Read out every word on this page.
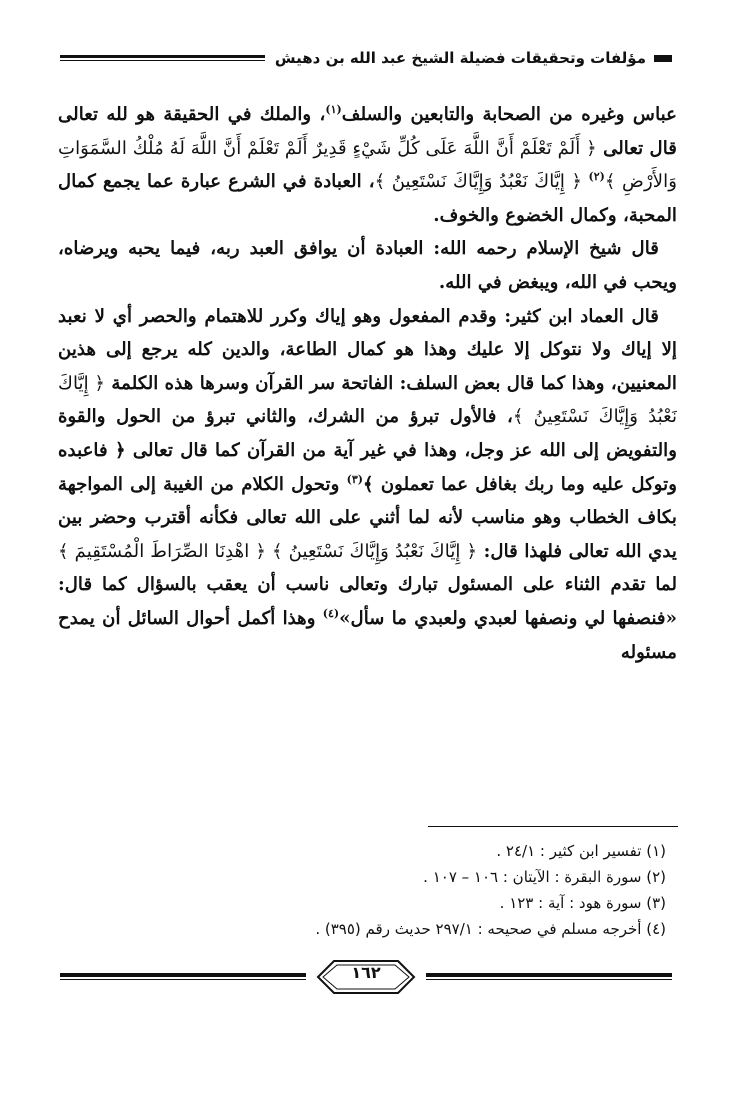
مؤلفات وتحقيقات فضيلة الشيخ عبد الله بن دهيش

عباس وغيره من الصحابة والتابعين والسلف$^{(١)}$، والملك في الحقيقة هو لله تعالى قال تعالى ﴿ أَلَمْ تَعْلَمْ أَنَّ اللَّهَ عَلَى كُلِّ شَيْءٍ قَدِيرٌ أَلَمْ تَعْلَمْ أَنَّ اللَّهَ لَهُ مُلْكُ السَّمَوَاتِ وَالأَرْضِ ﴾$^{(٢)}$ ﴿ إِيَّاكَ نَعْبُدُ وَإِيَّاكَ نَسْتَعِينُ ﴾، العبادة في الشرع عبارة عما يجمع كمال المحبة، وكمال الخضوع والخوف.

قال شيخ الإسلام رحمه الله: العبادة أن يوافق العبد ربه، فيما يحبه ويرضاه، ويحب في الله، ويبغض في الله.

قال العماد ابن كثير: وقدم المفعول وهو إياك وكرر للاهتمام والحصر أي لا نعبد إلا إياك ولا نتوكل إلا عليك وهذا هو كمال الطاعة، والدين كله يرجع إلى هذين المعنيين، وهذا كما قال بعض السلف: الفاتحة سر القرآن وسرها هذه الكلمة ﴿ إِيَّاكَ نَعْبُدُ وَإِيَّاكَ نَسْتَعِينُ ﴾، فالأول تبرؤ من الشرك، والثاني تبرؤ من الحول والقوة والتفويض إلى الله عز وجل، وهذا في غير آية من القرآن كما قال تعالى ﴿ فاعبده وتوكل عليه وما ربك بغافل عما تعملون ﴾$^{(٣)}$ وتحول الكلام من الغيبة إلى المواجهة بكاف الخطاب وهو مناسب لأنه لما أثني على الله تعالى فكأنه أقترب وحضر بين يدي الله تعالى فلهذا قال: ﴿ إِيَّاكَ نَعْبُدُ وَإِيَّاكَ نَسْتَعِينُ ﴾ ﴿ اهْدِنَا الصِّرَاطَ الْمُسْتَقِيمَ ﴾ لما تقدم الثناء على المسئول تبارك وتعالى ناسب أن يعقب بالسؤال كما قال: «فنصفها لي ونصفها لعبدي ولعبدي ما سأل»$^{(٤)}$ وهذا أكمل أحوال السائل أن يمدح مسئوله

(١) تفسير ابن كثير : ٢٤/١ .
(٢) سورة البقرة : الآيتان : ١٠٦ – ١٠٧ .
(٣) سورة هود : آية : ١٢٣ .
(٤) أخرجه مسلم في صحيحه : ٢٩٧/١ حديث رقم (٣٩٥) .
١٦٢
